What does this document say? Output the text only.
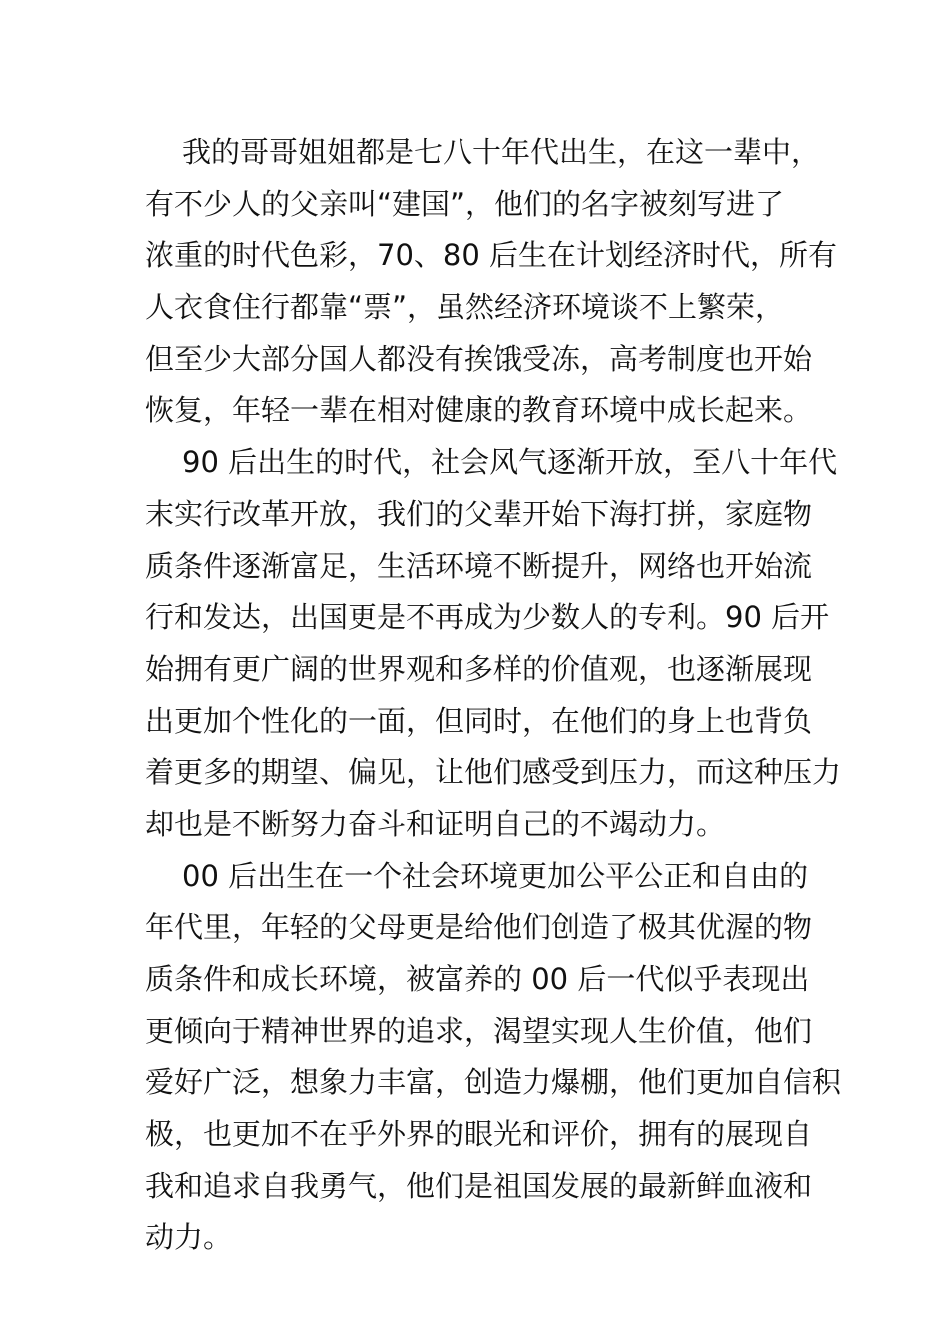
我的哥哥姐姐都是七八十年代出生，在这一辈中，
有不少人的父亲叫“建国”，他们的名字被刻写进了
浓重的时代色彩，70、80 后生在计划经济时代，所有
人衣食住行都靠“票”，虽然经济环境谈不上繁荣，
但至少大部分国人都没有挨饿受冻，高考制度也开始
恢复，年轻一辈在相对健康的教育环境中成长起来。
90 后出生的时代，社会风气逐渐开放，至八十年代
末实行改革开放，我们的父辈开始下海打拼，家庭物
质条件逐渐富足，生活环境不断提升，网络也开始流
行和发达，出国更是不再成为少数人的专利。90 后开
始拥有更广阔的世界观和多样的价值观，也逐渐展现
出更加个性化的一面，但同时，在他们的身上也背负
着更多的期望、偏见，让他们感受到压力，而这种压力
却也是不断努力奋斗和证明自己的不竭动力。
00 后出生在一个社会环境更加公平公正和自由的
年代里，年轻的父母更是给他们创造了极其优渥的物
质条件和成长环境，被富养的 00 后一代似乎表现出
更倾向于精神世界的追求，渴望实现人生价值，他们
爱好广泛，想象力丰富，创造力爆棚，他们更加自信积
极，也更加不在乎外界的眼光和评价，拥有的展现自
我和追求自我勇气，他们是祖国发展的最新鲜血液和
动力。
